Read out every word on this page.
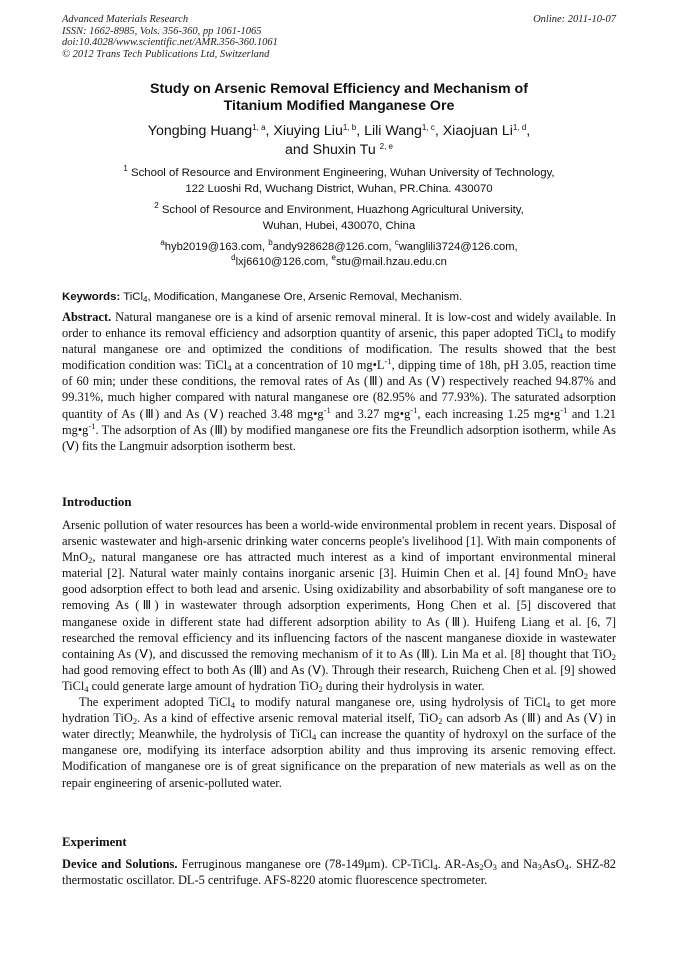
Advanced Materials Research
ISSN: 1662-8985, Vols. 356-360, pp 1061-1065
doi:10.4028/www.scientific.net/AMR.356-360.1061
© 2012 Trans Tech Publications Ltd, Switzerland
Online: 2011-10-07
Study on Arsenic Removal Efficiency and Mechanism of
Titanium Modified Manganese Ore
Yongbing Huang$^{1, a}$, Xiuying Liu$^{1, b}$, Lili Wang$^{1, c}$, Xiaojuan Li$^{1, d}$,
and Shuxin Tu $^{2, e}$
$^1$ School of Resource and Environment Engineering, Wuhan University of Technology,
122 Luoshi Rd, Wuchang District, Wuhan, PR.China. 430070
$^2$ School of Resource and Environment, Huazhong Agricultural University,
Wuhan, Hubei, 430070, China
$^a$hyb2019@163.com, $^b$andy928628@126.com, $^c$wanglili3724@126.com,
$^d$lxj6610@126.com, $^e$stu@mail.hzau.edu.cn
Keywords: TiCl$_4$, Modification, Manganese Ore, Arsenic Removal, Mechanism.

Abstract. Natural manganese ore is a kind of arsenic removal mineral. It is low-cost and widely available. In order to enhance its removal efficiency and adsorption quantity of arsenic, this paper adopted TiCl$_4$ to modify natural manganese ore and optimized the conditions of modification. The results showed that the best modification condition was: TiCl$_4$ at a concentration of 10 $mg•L^{-1}$, dipping time of 18h, pH 3.05, reaction time of 60 min; under these conditions, the removal rates of As (Ⅲ) and As (Ⅴ) respectively reached 94.87% and 99.31%, much higher compared with natural manganese ore (82.95% and 77.93%). The saturated adsorption quantity of As (Ⅲ) and As (Ⅴ) reached 3.48 $mg•g^{-1}$ and 3.27 $mg•g^{-1}$, each increasing 1.25 $mg•g^{-1}$ and 1.21 $mg•g^{-1}$. The adsorption of As (Ⅲ) by modified manganese ore fits the Freundlich adsorption isotherm, while As (Ⅴ) fits the Langmuir adsorption isotherm best.

Introduction

Arsenic pollution of water resources has been a world-wide environmental problem in recent years. Disposal of arsenic wastewater and high-arsenic drinking water concerns people's livelihood [1]. With main components of MnO$_2$, natural manganese ore has attracted much interest as a kind of important environmental mineral material [2]. Natural water mainly contains inorganic arsenic [3]. Huimin Chen et al. [4] found MnO$_2$ have good adsorption effect to both lead and arsenic. Using oxidizability and absorbability of soft manganese ore to removing As (Ⅲ) in wastewater through adsorption experiments, Hong Chen et al. [5] discovered that manganese oxide in different state had different adsorption ability to As (Ⅲ). Huifeng Liang et al. [6, 7] researched the removal efficiency and its influencing factors of the nascent manganese dioxide in wastewater containing As (Ⅴ), and discussed the removing mechanism of it to As (Ⅲ). Lin Ma et al. [8] thought that TiO$_2$ had good removing effect to both As (Ⅲ) and As (Ⅴ). Through their research, Ruicheng Chen et al. [9] showed TiCl$_4$ could generate large amount of hydration TiO$_2$ during their hydrolysis in water.

The experiment adopted TiCl$_4$ to modify natural manganese ore, using hydrolysis of TiCl$_4$ to get more hydration TiO$_2$. As a kind of effective arsenic removal material itself, TiO$_2$ can adsorb As (Ⅲ) and As (Ⅴ) in water directly; Meanwhile, the hydrolysis of TiCl$_4$ can increase the quantity of hydroxyl on the surface of the manganese ore, modifying its interface adsorption ability and thus improving its arsenic removing effect. Modification of manganese ore is of great significance on the preparation of new materials as well as on the repair engineering of arsenic-polluted water.

Experiment

Device and Solutions. Ferruginous manganese ore (78-149μm). CP-TiCl$_4$. $AR-As_2O_3$ and $Na_3AsO_4$. SHZ-82 thermostatic oscillator. DL-5 centrifuge. AFS-8220 atomic fluorescence spectrometer.
